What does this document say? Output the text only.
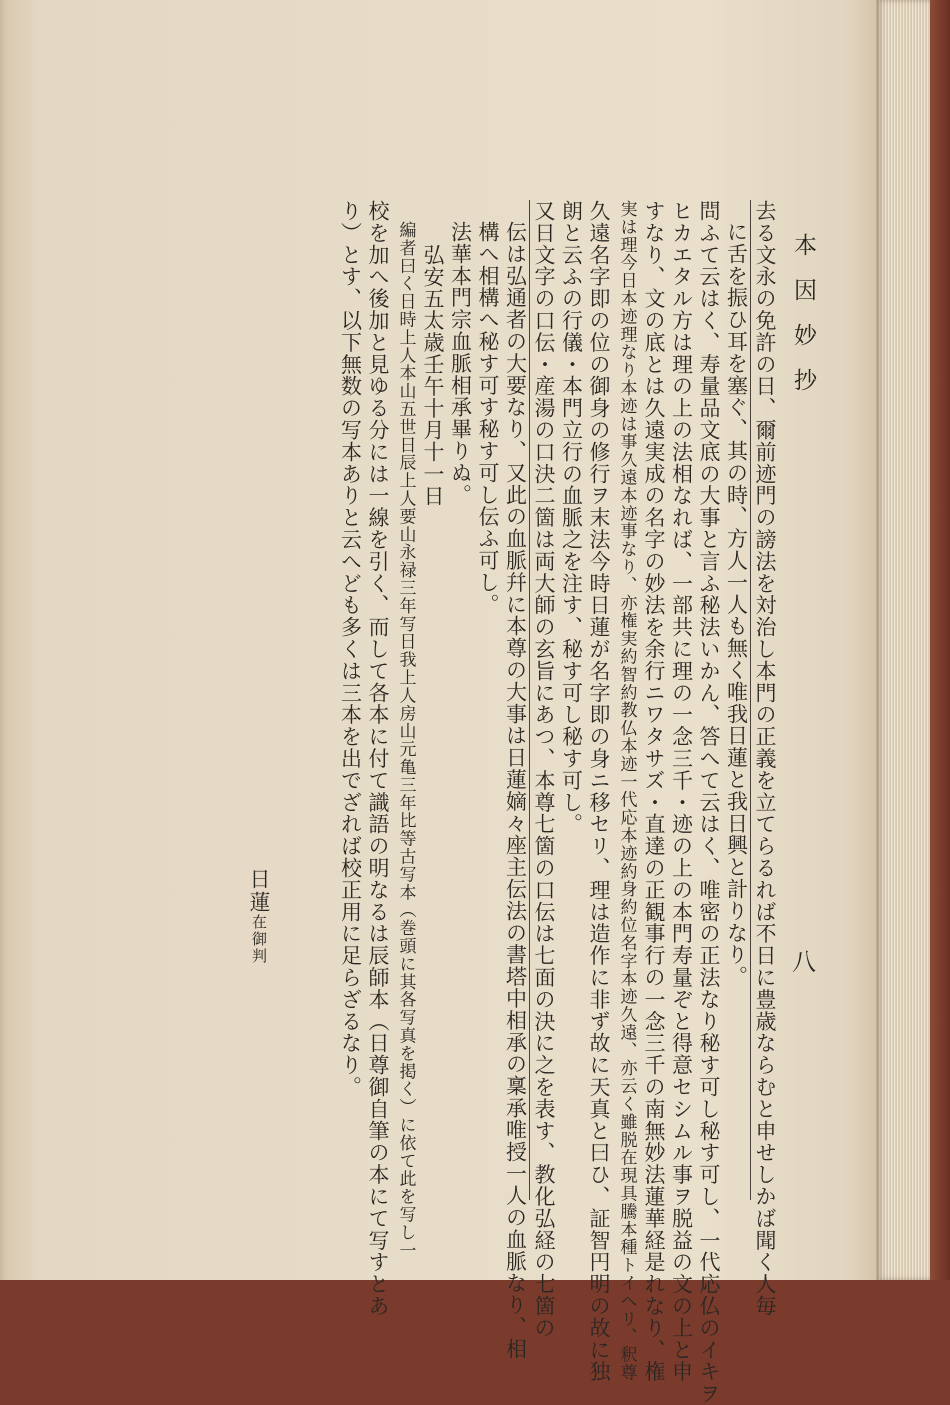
本因妙抄
八
去る文永の免許の日、爾前迹門の謗法を対治し本門の正義を立てらるれば不日に豊歳ならむと申せしかば聞く人毎
に舌を振ひ耳を塞ぐ、其の時、方人一人も無く唯我日蓮と我日興と計りなり。
問ふて云はく、寿量品文底の大事と言ふ秘法いかん、答へて云はく、唯密の正法なり秘す可し秘す可し、一代応仏のイキヲ
ヒカエタル方は理の上の法相なれば、一部共に理の一念三千・迹の上の本門寿量ぞと得意セシムル事ヲ脱益の文の上と申
すなり、文の底とは久遠実成の名字の妙法を余行ニワタサズ・直達の正観事行の一念三千の南無妙法蓮華経是れなり、権
実は理今日本迹理なり本迹は事久遠本迹事なり、亦権実約智約教仏本迹一代応本迹約身約位名字本迹久遠、亦云く雖脱在現具騰本種トイヘリ、釈尊
久遠名字即の位の御身の修行ヲ末法今時日蓮が名字即の身ニ移セリ、理は造作に非ず故に天真と曰ひ、証智円明の故に独
朗と云ふの行儀・本門立行の血脈之を注す、秘す可し秘す可し。
又日文字の口伝・産湯の口決二箇は両大師の玄旨にあつ、本尊七箇の口伝は七面の決に之を表す、教化弘経の七箇の
伝は弘通者の大要なり、又此の血脈幷に本尊の大事は日蓮嫡々座主伝法の書塔中相承の稟承唯授一人の血脈なり、相
構へ相構へ秘す可す秘す可し伝ふ可し。
法華本門宗血脈相承畢りぬ。
弘安五太歳壬午十月十一日
編者曰く日時上人本山五世日辰上人要山永禄三年写日我上人房山元亀三年比等古写本（巻頭に其各写真を掲く）に依て此を写し一
校を加へ後加と見ゆる分には一線を引く、而して各本に付て識語の明なるは辰師本（日尊御自筆の本にて写すとあ
り）とす、以下無数の写本ありと云へども多くは三本を出でざれば校正用に足らざるなり。
日蓮在御判
